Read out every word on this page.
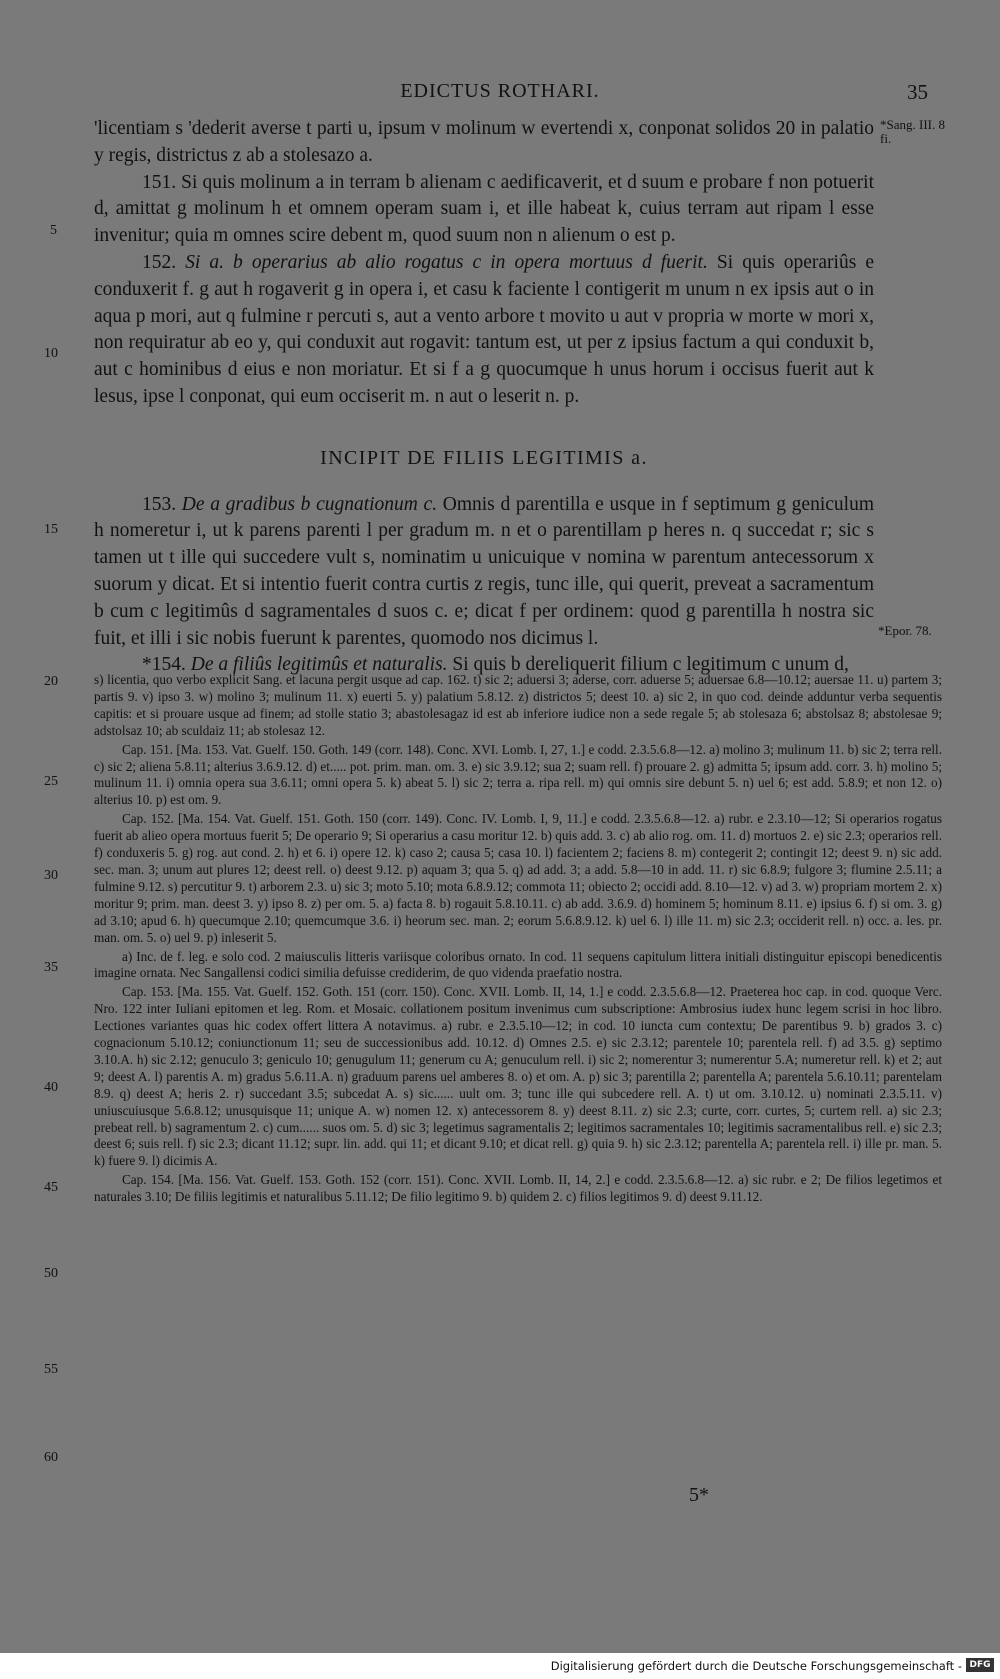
EDICTUS ROTHARI.	35
*Sang. III. 8 fi.
*Epor. 78.
5
10
15
20
25
30
35
40
45
50
55
60

'licentiam s 'dederit averse t parti u, ipsum v molinum w evertendi x, conponat solidos 20 in palatio y regis, districtus z ab a stolesazo a.

151. Si quis molinum a in terram b alienam c aedificaverit, et d suum e probare f non potuerit d, amittat g molinum h et omnem operam suam i, et ille habeat k, cuius terram aut ripam l esse invenitur; quia m omnes scire debent m, quod suum non n alienum o est p.

152. Si a. b operarius ab alio rogatus c in opera mortuus d fuerit. Si quis operariûs e conduxerit f. g aut h rogaverit g in opera i, et casu k faciente l contigerit m unum n ex ipsis aut o in aqua p mori, aut q fulmine r percuti s, aut a vento arbore t movito u aut v propria w morte w mori x, non requiratur ab eo y, qui conduxit aut rogavit: tantum est, ut per z ipsius factum a qui conduxit b, aut c hominibus d eius e non moriatur. Et si f a g quocumque h unus horum i occisus fuerit aut k lesus, ipse l conponat, qui eum occiserit m. n aut o leserit n. p.

INCIPIT DE FILIIS LEGITIMIS a.

153. De a gradibus b cugnationum c. Omnis d parentilla e usque in f septimum g geniculum h nomeretur i, ut k parens parenti l per gradum m. n et o parentillam p heres n. q succedat r; sic s tamen ut t ille qui succedere vult s, nominatim u unicuique v nomina w parentum antecessorum x suorum y dicat. Et si intentio fuerit contra curtis z regis, tunc ille, qui querit, preveat a sacramentum b cum c legitimûs d sagramentales d suos c. e; dicat f per ordinem: quod g parentilla h nostra sic fuit, et illi i sic nobis fuerunt k parentes, quomodo nos dicimus l.

*154. De a filiûs legitimûs et naturalis. Si quis b dereliquerit filium c legitimum c unum d,

s) licentia, quo verbo explicit Sang. et lacuna pergit usque ad cap. 162. t) sic 2; aduersi 3; aderse, corr. aduerse 5; aduersae 6.8—10.12; auersae 11. u) partem 3; partis 9. v) ipso 3. w) molino 3; mulinum 11. x) euerti 5. y) palatium 5.8.12. z) districtos 5; deest 10. a) sic 2, in quo cod. deinde adduntur verba sequentis capitis: et si prouare usque ad finem; ad stolle statio 3; abastolesagaz id est ab inferiore iudice non a sede regale 5; ab stolesaza 6; abstolsaz 8; abstolesae 9; adstolsaz 10; ab sculdaiz 11; ab stolesaz 12.

Cap. 151. [Ma. 153. Vat. Guelf. 150. Goth. 149 (corr. 148). Conc. XVI. Lomb. I, 27, 1.] e codd. 2.3.5.6.8—12. a) molino 3; mulinum 11. b) sic 2; terra rell. c) sic 2; aliena 5.8.11; alterius 3.6.9.12. d) et..... pot. prim. man. om. 3. e) sic 3.9.12; sua 2; suam rell. f) prouare 2. g) admitta 5; ipsum add. corr. 3. h) molino 5; mulinum 11. i) omnia opera sua 3.6.11; omni opera 5. k) abeat 5. l) sic 2; terra a. ripa rell. m) qui omnis sire debunt 5. n) uel 6; est add. 5.8.9; et non 12. o) alterius 10. p) est om. 9.

Cap. 152. [Ma. 154. Vat. Guelf. 151. Goth. 150 (corr. 149). Conc. IV. Lomb. I, 9, 11.] e codd. 2.3.5.6.8—12. a) rubr. e 2.3.10—12; Si operarios rogatus fuerit ab alieo opera mortuus fuerit 5; De operario 9; Si operarius a casu moritur 12. b) quis add. 3. c) ab alio rog. om. 11. d) mortuos 2. e) sic 2.3; operarios rell. f) conduxeris 5. g) rog. aut cond. 2. h) et 6. i) opere 12. k) caso 2; causa 5; casa 10. l) facientem 2; faciens 8. m) contegerit 2; contingit 12; deest 9. n) sic add. sec. man. 3; unum aut plures 12; deest rell. o) deest 9.12. p) aquam 3; qua 5. q) ad add. 3; a add. 5.8—10 in add. 11. r) sic 6.8.9; fulgore 3; flumine 2.5.11; a fulmine 9.12. s) percutitur 9. t) arborem 2.3. u) sic 3; moto 5.10; mota 6.8.9.12; commota 11; obiecto 2; occidi add. 8.10—12. v) ad 3. w) propriam mortem 2. x) moritur 9; prim. man. deest 3. y) ipso 8. z) per om. 5. a) facta 8. b) rogauit 5.8.10.11. c) ab add. 3.6.9. d) hominem 5; hominum 8.11. e) ipsius 6. f) si om. 3. g) ad 3.10; apud 6. h) quecumque 2.10; quemcumque 3.6. i) heorum sec. man. 2; eorum 5.6.8.9.12. k) uel 6. l) ille 11. m) sic 2.3; occiderit rell. n) occ. a. les. pr. man. om. 5. o) uel 9. p) inleserit 5.

a) Inc. de f. leg. e solo cod. 2 maiusculis litteris variisque coloribus ornato. In cod. 11 sequens capitulum littera initiali distinguitur episcopi benedicentis imagine ornata. Nec Sangallensi codici similia defuisse crediderim, de quo videnda praefatio nostra.

Cap. 153. [Ma. 155. Vat. Guelf. 152. Goth. 151 (corr. 150). Conc. XVII. Lomb. II, 14, 1.] e codd. 2.3.5.6.8—12. Praeterea hoc cap. in cod. quoque Verc. Nro. 122 inter Iuliani epitomen et leg. Rom. et Mosaic. collationem positum invenimus cum subscriptione: Ambrosius iudex hunc legem scrisi in hoc libro. Lectiones variantes quas hic codex offert littera A notavimus. a) rubr. e 2.3.5.10—12; in cod. 10 iuncta cum contextu; De parentibus 9. b) grados 3. c) cognacionum 5.10.12; coniunctionum 11; seu de successionibus add. 10.12. d) Omnes 2.5. e) sic 2.3.12; parentele 10; parentela rell. f) ad 3.5. g) septimo 3.10.A. h) sic 2.12; genuculo 3; geniculo 10; genugulum 11; generum cu A; genuculum rell. i) sic 2; nomerentur 3; numerentur 5.A; numeretur rell. k) et 2; aut 9; deest A. l) parentis A. m) gradus 5.6.11.A. n) graduum parens uel amberes 8. o) et om. A. p) sic 3; parentilla 2; parentella A; parentela 5.6.10.11; parentelam 8.9. q) deest A; heris 2. r) succedant 3.5; subcedat A. s) sic...... uult om. 3; tunc ille qui subcedere rell. A. t) ut om. 3.10.12. u) nominati 2.3.5.11. v) uniuscuiusque 5.6.8.12; unusquisque 11; unique A. w) nomen 12. x) antecessorem 8. y) deest 8.11. z) sic 2.3; curte, corr. curtes, 5; curtem rell. a) sic 2.3; prebeat rell. b) sagramentum 2. c) cum...... suos om. 5. d) sic 3; legetimus sagramentalis 2; legitimos sacramentales 10; legitimis sacramentalibus rell. e) sic 2.3; deest 6; suis rell. f) sic 2.3; dicant 11.12; supr. lin. add. qui 11; et dicant 9.10; et dicat rell. g) quia 9. h) sic 2.3.12; parentella A; parentela rell. i) ille pr. man. 5. k) fuere 9. l) dicimis A.

Cap. 154. [Ma. 156. Vat. Guelf. 153. Goth. 152 (corr. 151). Conc. XVII. Lomb. II, 14, 2.] e codd. 2.3.5.6.8—12. a) sic rubr. e 2; De filios legetimos et naturales 3.10; De filiis legitimis et naturalibus 5.11.12; De filio legitimo 9. b) quidem 2. c) filios legitimos 9. d) deest 9.11.12.

5*
Digitalisierung gefördert durch die Deutsche Forschungsgemeinschaft - DFG
